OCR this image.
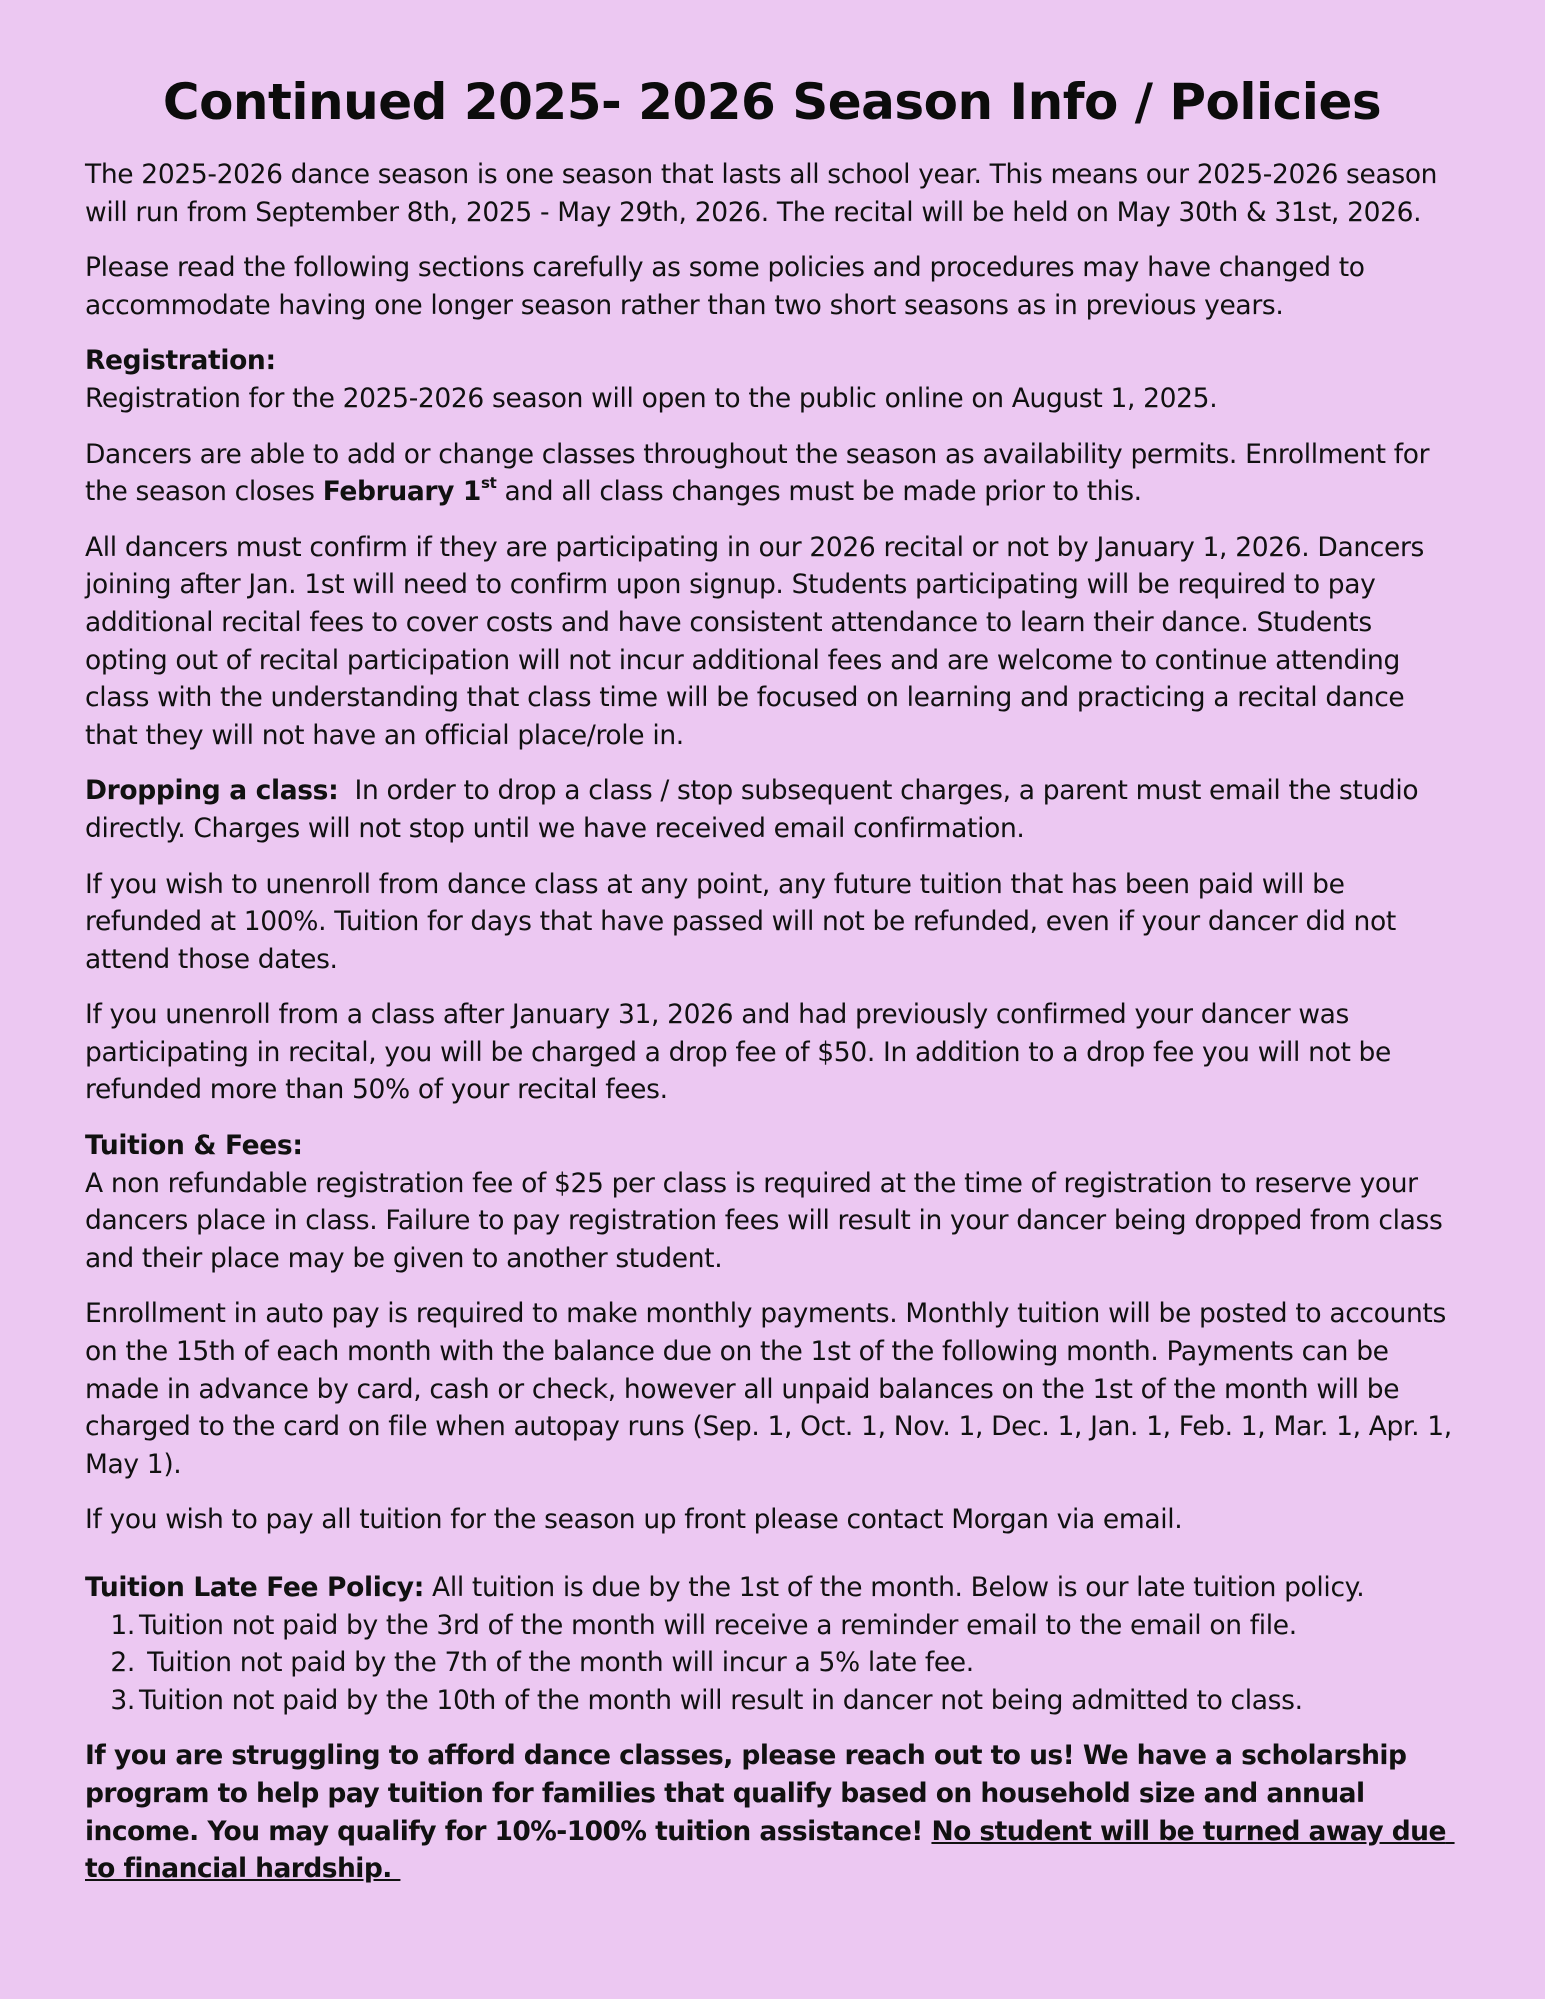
Continued 2025- 2026 Season Info / Policies

The 2025-2026 dance season is one season that lasts all school year. This means our 2025-2026 season will run from September 8th, 2025 - May 29th, 2026. The recital will be held on May 30th & 31st, 2026.

Please read the following sections carefully as some policies and procedures may have changed to accommodate having one longer season rather than two short seasons as in previous years.

Registration:
Registration for the 2025-2026 season will open to the public online on August 1, 2025.

Dancers are able to add or change classes throughout the season as availability permits. Enrollment for the season closes February 1st and all class changes must be made prior to this.

All dancers must confirm if they are participating in our 2026 recital or not by January 1, 2026. Dancers joining after Jan. 1st will need to confirm upon signup. Students participating will be required to pay additional recital fees to cover costs and have consistent attendance to learn their dance. Students opting out of recital participation will not incur additional fees and are welcome to continue attending class with the understanding that class time will be focused on learning and practicing a recital dance that they will not have an official place/role in.

Dropping a class:  In order to drop a class / stop subsequent charges, a parent must email the studio directly. Charges will not stop until we have received email confirmation.

If you wish to unenroll from dance class at any point, any future tuition that has been paid will be refunded at 100%. Tuition for days that have passed will not be refunded, even if your dancer did not attend those dates.

If you unenroll from a class after January 31, 2026 and had previously confirmed your dancer was participating in recital, you will be charged a drop fee of $50. In addition to a drop fee you will not be refunded more than 50% of your recital fees.

Tuition & Fees:
A non refundable registration fee of $25 per class is required at the time of registration to reserve your dancers place in class. Failure to pay registration fees will result in your dancer being dropped from class and their place may be given to another student.

Enrollment in auto pay is required to make monthly payments. Monthly tuition will be posted to accounts on the 15th of each month with the balance due on the 1st of the following month. Payments can be made in advance by card, cash or check, however all unpaid balances on the 1st of the month will be charged to the card on file when autopay runs (Sep. 1, Oct. 1, Nov. 1, Dec. 1, Jan. 1, Feb. 1, Mar. 1, Apr. 1, May 1).

If you wish to pay all tuition for the season up front please contact Morgan via email.

Tuition Late Fee Policy: All tuition is due by the 1st of the month. Below is our late tuition policy.

1. Tuition not paid by the 3rd of the month will receive a reminder email to the email on file.
2. Tuition not paid by the 7th of the month will incur a 5% late fee.
3. Tuition not paid by the 10th of the month will result in dancer not being admitted to class.

If you are struggling to afford dance classes, please reach out to us! We have a scholarship program to help pay tuition for families that qualify based on household size and annual income. You may qualify for 10%-100% tuition assistance! No student will be turned away due to financial hardship.
